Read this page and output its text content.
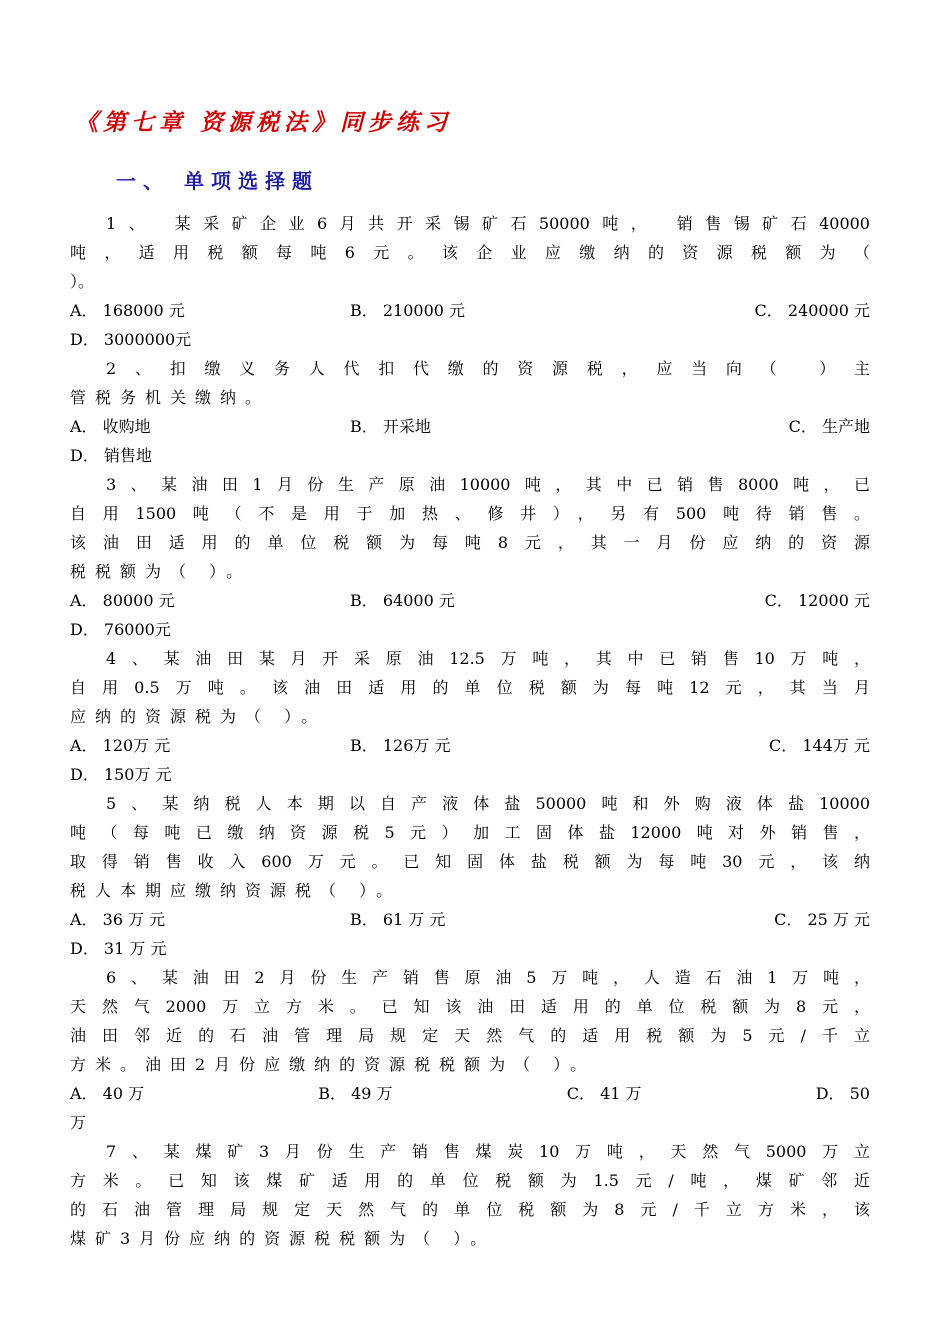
《第七章 资源税法》同步练习
一、 单项选择题
1、 某采矿企业6月共开采锡矿石50000吨， 销售锡矿石40000
吨，适用税额每吨6元。该企业应缴纳的资源税额为（
）。
A． 168000 元	B． 210000 元	C． 240000 元
D． 3000000元
2、扣缴义务人代扣代缴的资源税，应当向（ ）主
管税务机关缴纳。
A． 收购地	B． 开采地	C． 生产地
D． 销售地
3、某油田1月份生产原油10000吨，其中已销售8000吨，已
自用1500吨（不是用于加热、修井），另有500吨待销售。
该油田适用的单位税额为每吨8元，其一月份应纳的资源
税税额为（ ）。
A． 80000 元	B． 64000 元	C． 12000 元
D． 76000元
4、某油田某月开采原油12.5万吨，其中已销售10万吨，
自用0.5万吨。该油田适用的单位税额为每吨12元，其当月
应纳的资源税为（ ）。
A． 120万 元	B． 126万 元	C． 144万 元
D． 150万 元
5、某纳税人本期以自产液体盐50000吨和外购液体盐10000
吨（每吨已缴纳资源税5元）加工固体盐12000吨对外销售，
取得销售收入600万元。已知固体盐税额为每吨30元，该纳
税人本期应缴纳资源税（ ）。
A． 36 万 元	B． 61 万 元	C． 25 万 元
D． 31 万 元
6、某油田2月份生产销售原油5万吨，人造石油1万吨，
天然气2000万立方米。已知该油田适用的单位税额为8元，
油田邻近的石油管理局规定天然气的适用税额为5元/千立
方米。油田2月份应缴纳的资源税税额为（ ）。
A． 40 万	B． 49 万	C． 41 万	D． 50
万
7、某煤矿3月份生产销售煤炭10万吨，天然气5000万立
方米。已知该煤矿适用的单位税额为1.5元/吨，煤矿邻近
的石油管理局规定天然气的单位税额为8元/千立方米，该
煤矿3月份应纳的资源税税额为（ ）。
